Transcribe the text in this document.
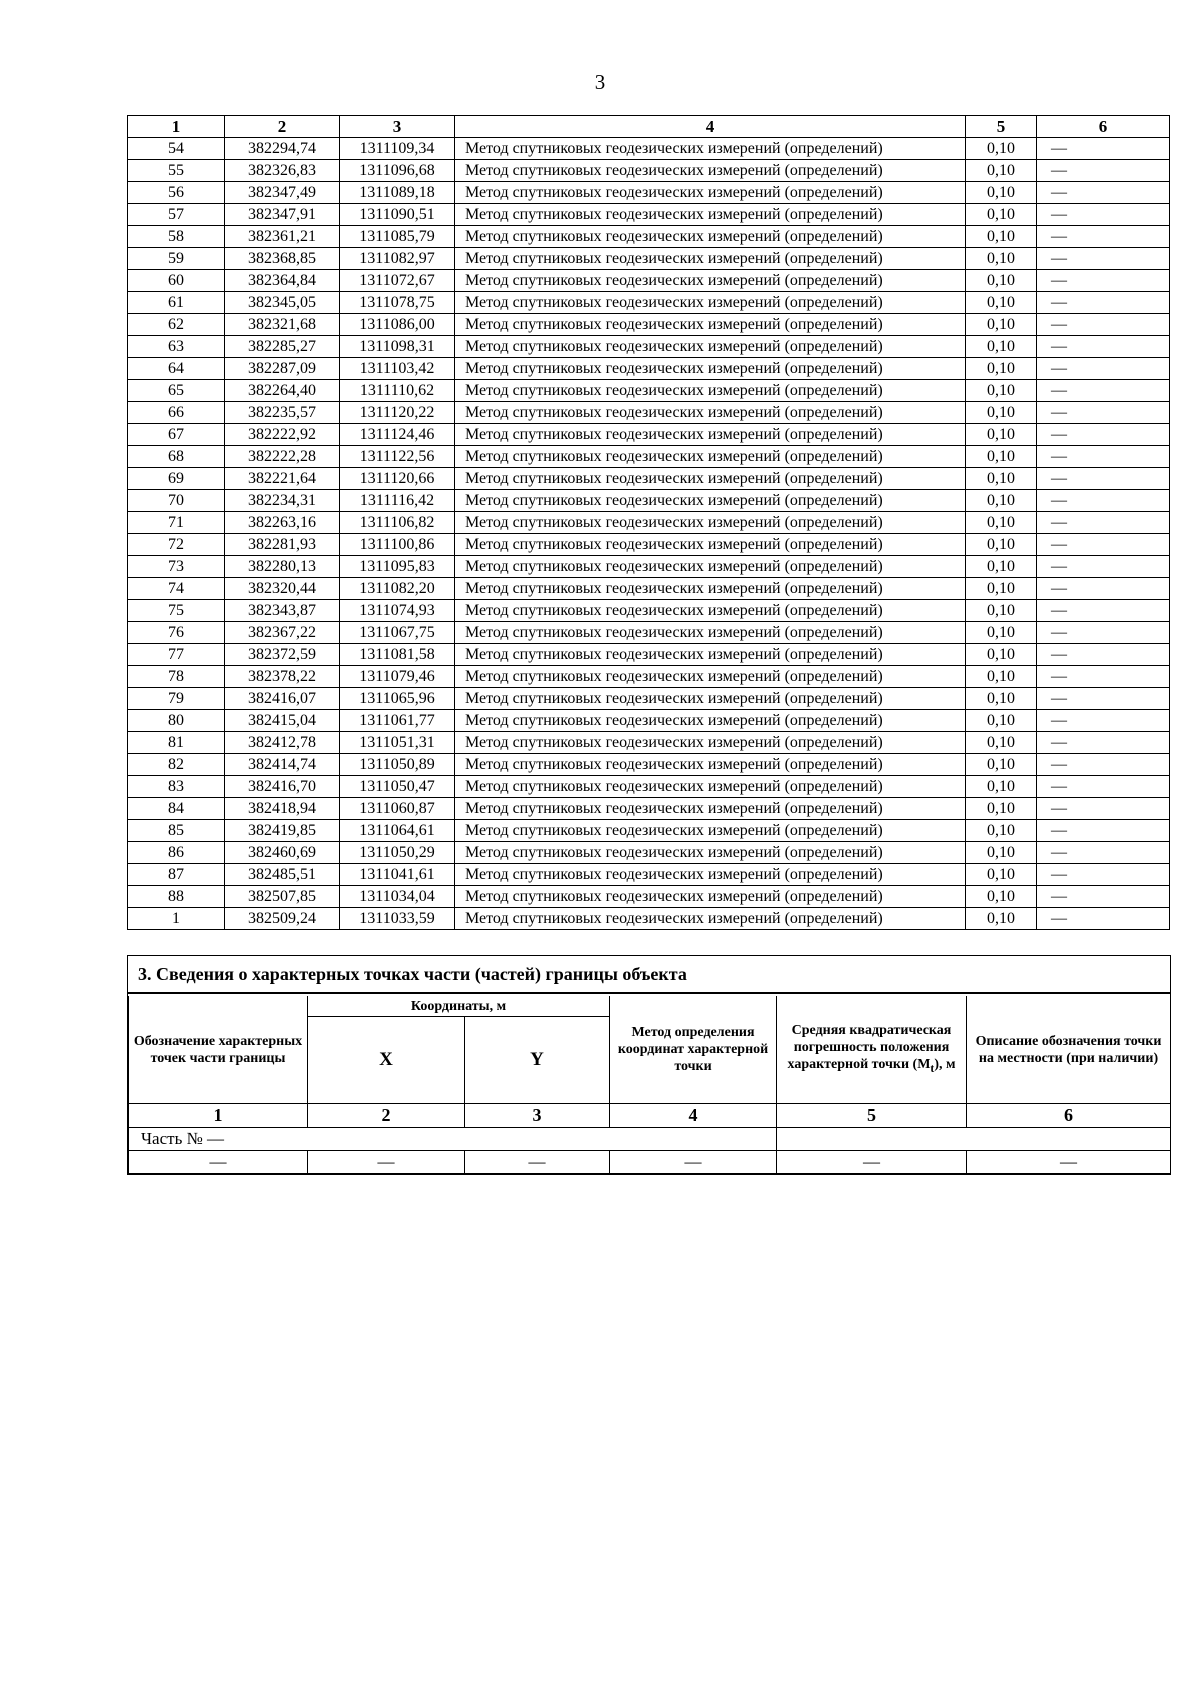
3
1	2	3	4	5	6
54	382294,74	1311109,34	Метод спутниковых геодезических измерений (определений)	0,10	—
55	382326,83	1311096,68	Метод спутниковых геодезических измерений (определений)	0,10	—
56	382347,49	1311089,18	Метод спутниковых геодезических измерений (определений)	0,10	—
57	382347,91	1311090,51	Метод спутниковых геодезических измерений (определений)	0,10	—
58	382361,21	1311085,79	Метод спутниковых геодезических измерений (определений)	0,10	—
59	382368,85	1311082,97	Метод спутниковых геодезических измерений (определений)	0,10	—
60	382364,84	1311072,67	Метод спутниковых геодезических измерений (определений)	0,10	—
61	382345,05	1311078,75	Метод спутниковых геодезических измерений (определений)	0,10	—
62	382321,68	1311086,00	Метод спутниковых геодезических измерений (определений)	0,10	—
63	382285,27	1311098,31	Метод спутниковых геодезических измерений (определений)	0,10	—
64	382287,09	1311103,42	Метод спутниковых геодезических измерений (определений)	0,10	—
65	382264,40	1311110,62	Метод спутниковых геодезических измерений (определений)	0,10	—
66	382235,57	1311120,22	Метод спутниковых геодезических измерений (определений)	0,10	—
67	382222,92	1311124,46	Метод спутниковых геодезических измерений (определений)	0,10	—
68	382222,28	1311122,56	Метод спутниковых геодезических измерений (определений)	0,10	—
69	382221,64	1311120,66	Метод спутниковых геодезических измерений (определений)	0,10	—
70	382234,31	1311116,42	Метод спутниковых геодезических измерений (определений)	0,10	—
71	382263,16	1311106,82	Метод спутниковых геодезических измерений (определений)	0,10	—
72	382281,93	1311100,86	Метод спутниковых геодезических измерений (определений)	0,10	—
73	382280,13	1311095,83	Метод спутниковых геодезических измерений (определений)	0,10	—
74	382320,44	1311082,20	Метод спутниковых геодезических измерений (определений)	0,10	—
75	382343,87	1311074,93	Метод спутниковых геодезических измерений (определений)	0,10	—
76	382367,22	1311067,75	Метод спутниковых геодезических измерений (определений)	0,10	—
77	382372,59	1311081,58	Метод спутниковых геодезических измерений (определений)	0,10	—
78	382378,22	1311079,46	Метод спутниковых геодезических измерений (определений)	0,10	—
79	382416,07	1311065,96	Метод спутниковых геодезических измерений (определений)	0,10	—
80	382415,04	1311061,77	Метод спутниковых геодезических измерений (определений)	0,10	—
81	382412,78	1311051,31	Метод спутниковых геодезических измерений (определений)	0,10	—
82	382414,74	1311050,89	Метод спутниковых геодезических измерений (определений)	0,10	—
83	382416,70	1311050,47	Метод спутниковых геодезических измерений (определений)	0,10	—
84	382418,94	1311060,87	Метод спутниковых геодезических измерений (определений)	0,10	—
85	382419,85	1311064,61	Метод спутниковых геодезических измерений (определений)	0,10	—
86	382460,69	1311050,29	Метод спутниковых геодезических измерений (определений)	0,10	—
87	382485,51	1311041,61	Метод спутниковых геодезических измерений (определений)	0,10	—
88	382507,85	1311034,04	Метод спутниковых геодезических измерений (определений)	0,10	—
1	382509,24	1311033,59	Метод спутниковых геодезических измерений (определений)	0,10	—
3. Сведения о характерных точках части (частей) границы объекта
Обозначение характерных точек части границы	Координаты, м		Метод определения координат характерной точки	Средняя квадратическая погрешность положения характерной точки $(M_t)$, м	Описание обозначения точки на местности (при наличии)
	X	Y			
1	2	3	4	5	6
Часть № —					
—	—	—	—	—	—
